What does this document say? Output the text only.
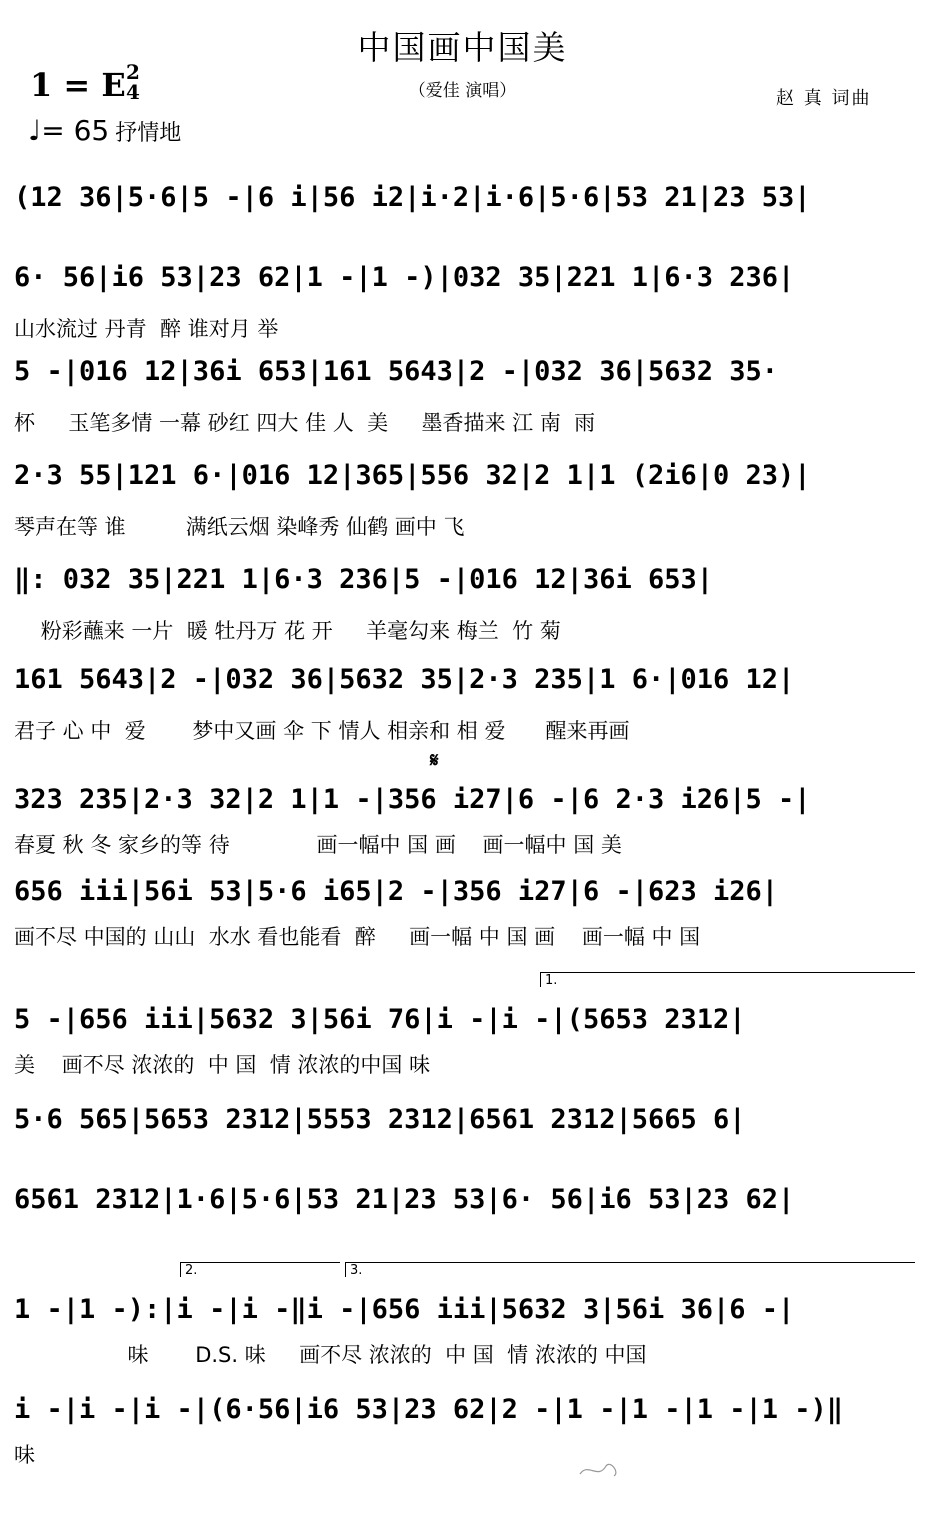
中国画中国美
（爱佳 演唱）	赵 真 词曲
1 = E 2
4
♩= 65 抒情地
(12 36|5·6|5 -|6 i|56 i2|i·2|i·6|5·6|53 21|23 53|
6· 56|i6 53|23 62|1 -|1 -)|032 35|221 1|6·3 236|
山水流过 丹青  醉 谁对月 举
5 -|016 12|36i 653|161 5643|2 -|032 36|5632 35·
杯     玉笔多情 一幕 砂红 四大 佳 人  美     墨香描来 江 南  雨
2·3 55|121 6·|016 12|365|556 32|2 1|1 (2i6|0 23)|
琴声在等 谁         满纸云烟 染峰秀 仙鹤 画中 飞
‖: 032 35|221 1|6·3 236|5 -|016 12|36i 653|
粉彩蘸来 一片  暖 牡丹万 花 开     羊毫勾来 梅兰  竹 菊
161 5643|2 -|032 36|5632 35|2·3 235|1 6·|016 12|
君子 心 中  爱       梦中又画 伞 下 情人 相亲和 相 爱      醒来再画
323 235|2·3 32|2 1|1 -|356 i27|6 -|6 2·3 i26|5 -|
春夏 秋 冬 家乡的等 待             画一幅中 国 画    画一幅中 国 美
656 iii|56i 53|5·6 i65|2 -|356 i27|6 -|623 i26|
画不尽 中国的 山山  水水 看也能看  醉     画一幅 中 国 画    画一幅 中 国
5 -|656 iii|5632 3|56i 76|i -|i -|(5653 2312|
美    画不尽 浓浓的  中 国  情 浓浓的中国 味
5·6 565|5653 2312|5553 2312|6561 2312|5665 6|
6561 2312|1·6|5·6|53 21|23 53|6· 56|i6 53|23 62|
1 -|1 -):|i -|i -‖i -|656 iii|5632 3|56i 36|6 -|
味       D.S. 味     画不尽 浓浓的  中 国  情 浓浓的 中国
i -|i -|i -|(6·56|i6 53|23 62|2 -|1 -|1 -|1 -|1 -)‖
味
1.
2.	3.
𝄋
